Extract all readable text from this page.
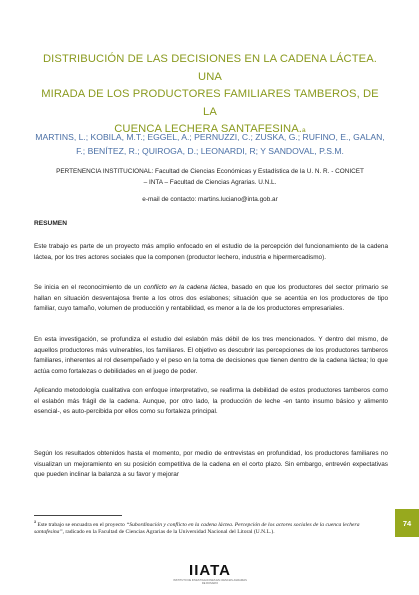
DISTRIBUCIÓN DE LAS DECISIONES EN LA CADENA LÁCTEA. UNA
MIRADA DE LOS PRODUCTORES FAMILIARES TAMBEROS, DE LA
CUENCA LECHERA SANTAFESINA.a
MARTINS, L.; KOBILA, M.T.; EGGEL, A.; PERNUZZI, C.; ZUSKA, G.; RUFINO, E., GALAN,
F.; BENÍTEZ, R.; QUIROGA, D.; LEONARDI, R; Y SANDOVAL, P.S.M.
PERTENENCIA INSTITUCIONAL: Facultad de Ciencias Económicas y Estadística de la U. N. R. - CONICET
– INTA – Facultad de Ciencias Agrarias. U.N.L.
e-mail de contacto: martins.luciano@inta.gob.ar
RESUMEN
Este trabajo es parte de un proyecto más amplio enfocado en el estudio de la percepción del funcionamiento de la cadena láctea, por los tres actores sociales que la componen (productor lechero, industria e hipermercadismo).
Se inicia en el reconocimiento de un conflicto en la cadena láctea, basado en que los productores del sector primario se hallan en situación desventajosa frente a los otros dos eslabones; situación que se acentúa en los productores de tipo familiar, cuyo tamaño, volumen de producción y rentabilidad, es menor a la de los productores empresariales.
En esta investigación, se profundiza el estudio del eslabón más débil de los tres mencionados. Y dentro del mismo, de aquellos productores más vulnerables, los familiares. El objetivo es descubrir las percepciones de los productores tamberos familiares, inherentes al rol desempeñado y el peso en la toma de decisiones que tienen dentro de la cadena láctea; lo que actúa como fortalezas o debilidades en el juego de poder.
Aplicando metodología cualitativa con enfoque interpretativo, se reafirma la debilidad de estos productores tamberos como el eslabón más frágil de la cadena. Aunque, por otro lado, la producción de leche -en tanto insumo básico y alimento esencial-, es auto-percibida por ellos como su fortaleza principal.
Según los resultados obtenidos hasta el momento, por medio de entrevistas en profundidad, los productores familiares no visualizan un mejoramiento en su posición competitiva de la cadena en el corto plazo. Sin embargo, entrevén expectativas que pueden inclinar la balanza a su favor y mejorar
$^a$ Este trabajo se encuadra en el proyecto “Subordinación y conflicto en la cadena láctea. Percepción de los actores sociales de la cuenca lechera santafesina”, radicado en la Facultad de Ciencias Agrarias de la Universidad Nacional del Litoral (U.N.L.).
74
IIATA
INSTITUTO DE INVESTIGACIONES EN CIENCIAS AGRARIAS DE ROSARIO
